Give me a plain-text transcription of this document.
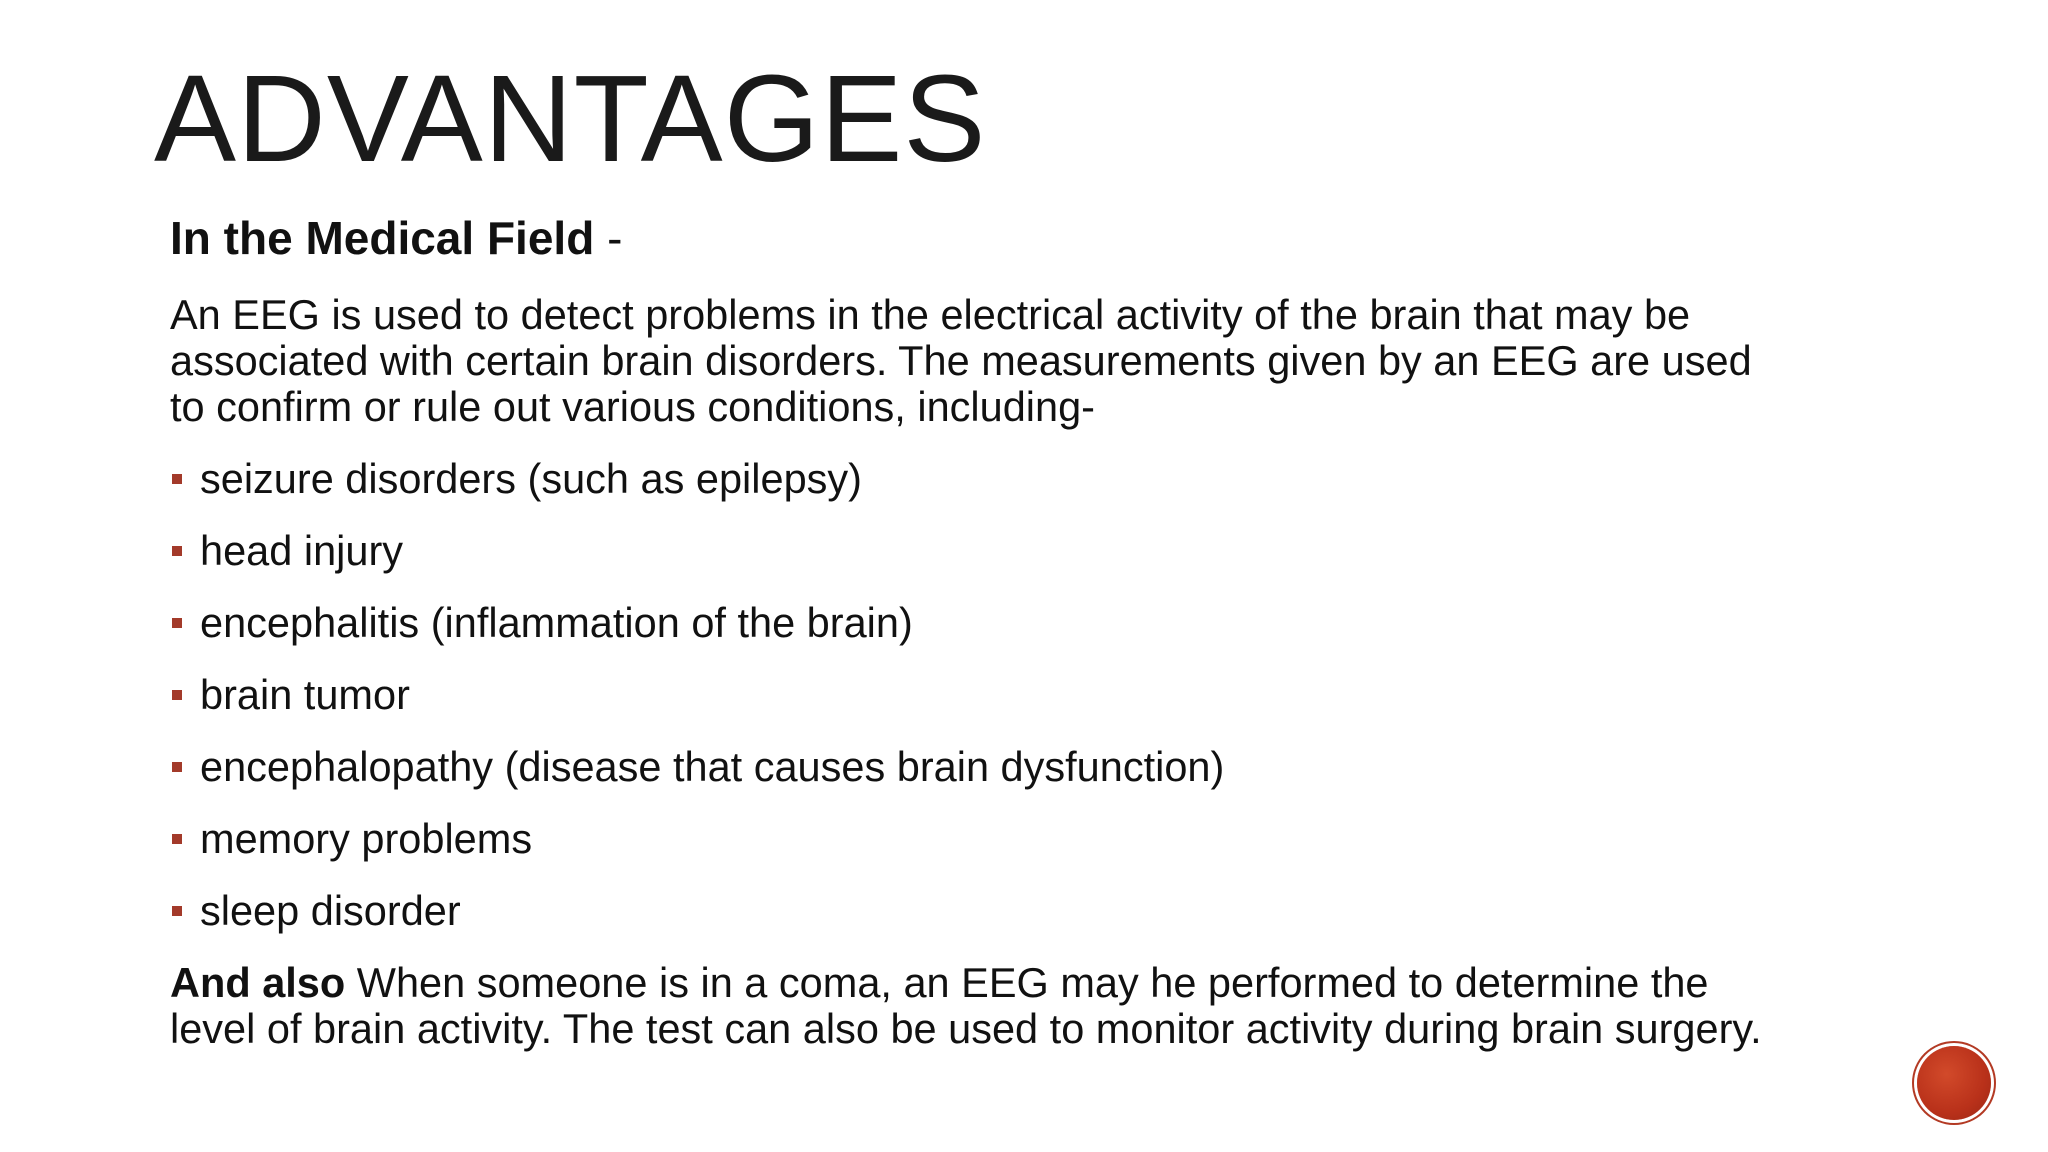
ADVANTAGES

In the Medical Field -

An EEG is used to detect problems in the electrical activity of the brain that may be
associated with certain brain disorders. The measurements given by an EEG are used
to confirm or rule out various conditions, including-

seizure disorders (such as epilepsy)
head injury
encephalitis (inflammation of the brain)
brain tumor
encephalopathy (disease that causes brain dysfunction)
memory problems
sleep disorder

And also When someone is in a coma, an EEG may he performed to determine the
level of brain activity. The test can also be used to monitor activity during brain surgery.
